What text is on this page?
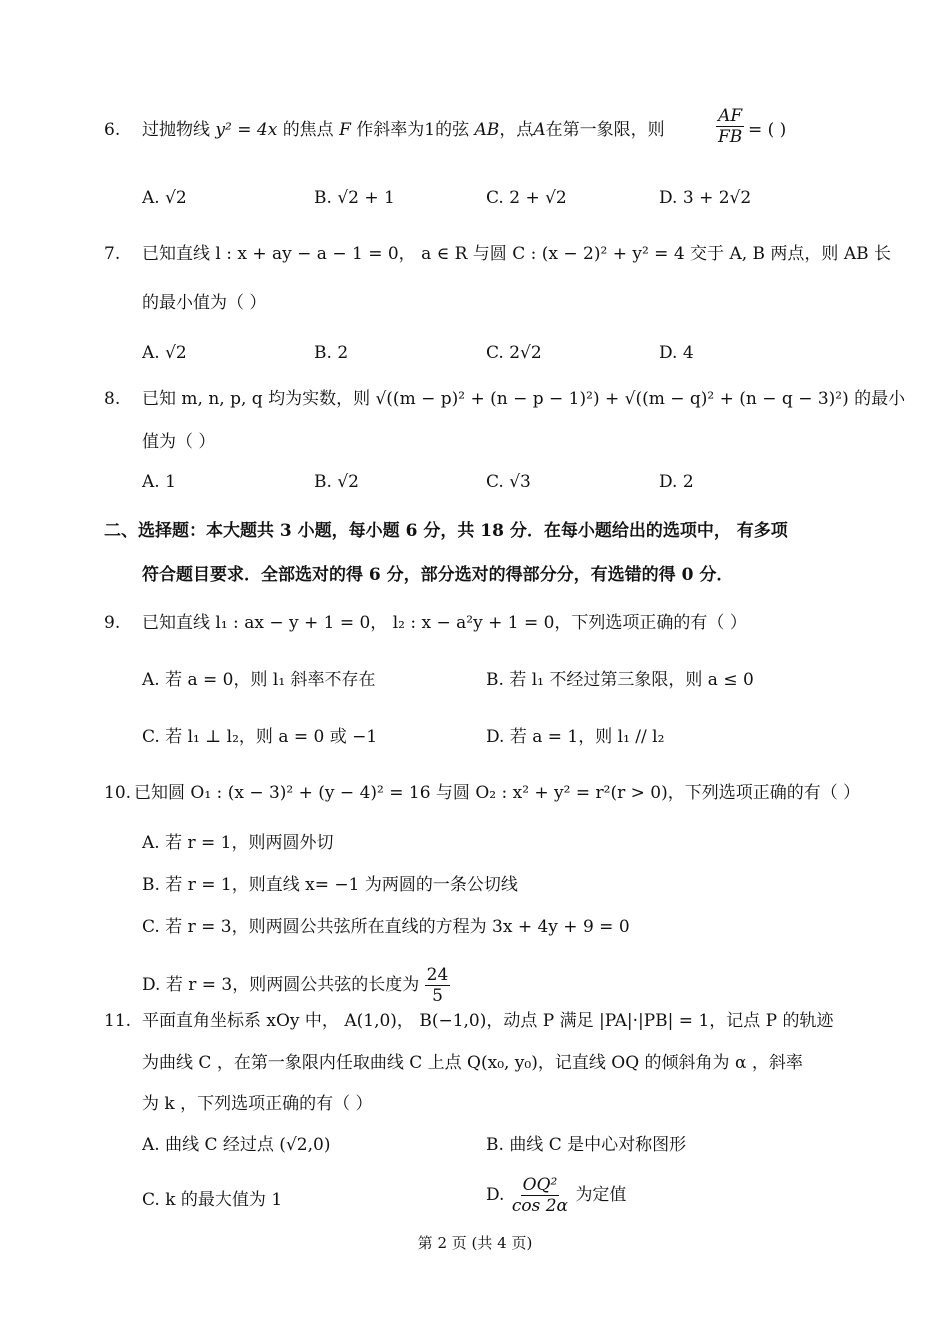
6. 过抛物线 y² = 4x 的焦点 F 作斜率为1的弦 AB，点A在第一象限，则	$\frac{AF}{FB}$ = ( )
A. √2	B. √2 + 1	C. 2 + √2	D. 3 + 2√2
7. 已知直线 l : x + ay − a − 1 = 0， a ∈ R 与圆 C : (x − 2)² + y² = 4 交于 A, B 两点，则 AB 长
的最小值为（ ）
A. √2	B. 2	C. 2√2	D. 4
8. 已知 m, n, p, q 均为实数，则 √((m − p)² + (n − p − 1)²) + √((m − q)² + (n − q − 3)²) 的最小
值为（ ）
A. 1	B. √2	C. √3	D. 2
二、选择题：本大题共 3 小题，每小题 6 分，共 18 分．在每小题给出的选项中， 有多项
符合题目要求．全部选对的得 6 分，部分选对的得部分分，有选错的得 0 分．
9. 已知直线 l₁ : ax − y + 1 = 0， l₂ : x − a²y + 1 = 0，下列选项正确的有（ ）
A. 若 a = 0，则 l₁ 斜率不存在	B. 若 l₁ 不经过第三象限，则 a ≤ 0
C. 若 l₁ ⊥ l₂，则 a = 0 或 −1	D. 若 a = 1，则 l₁ // l₂
10. 已知圆 O₁ : (x − 3)² + (y − 4)² = 16 与圆 O₂ : x² + y² = r²(r > 0)，下列选项正确的有（ ）
A. 若 r = 1，则两圆外切
B. 若 r = 1，则直线 x= −1 为两圆的一条公切线
C. 若 r = 3，则两圆公共弦所在直线的方程为 3x + 4y + 9 = 0
D. 若 r = 3，则两圆公共弦的长度为 $\frac{24}{5}$
11. 平面直角坐标系 xOy 中， A(1,0)， B(−1,0)，动点 P 满足 |PA|·|PB| = 1，记点 P 的轨迹
为曲线 C ，在第一象限内任取曲线 C 上点 Q(x₀, y₀)，记直线 OQ 的倾斜角为 α ，斜率
为 k ，下列选项正确的有（ ）
A. 曲线 C 经过点 (√2,0)	B. 曲线 C 是中心对称图形
C. k 的最大值为 1	D. $\frac{\text{OQ²}}{\cos 2\alpha}$ 为定值
第 2 页 (共 4 页)
